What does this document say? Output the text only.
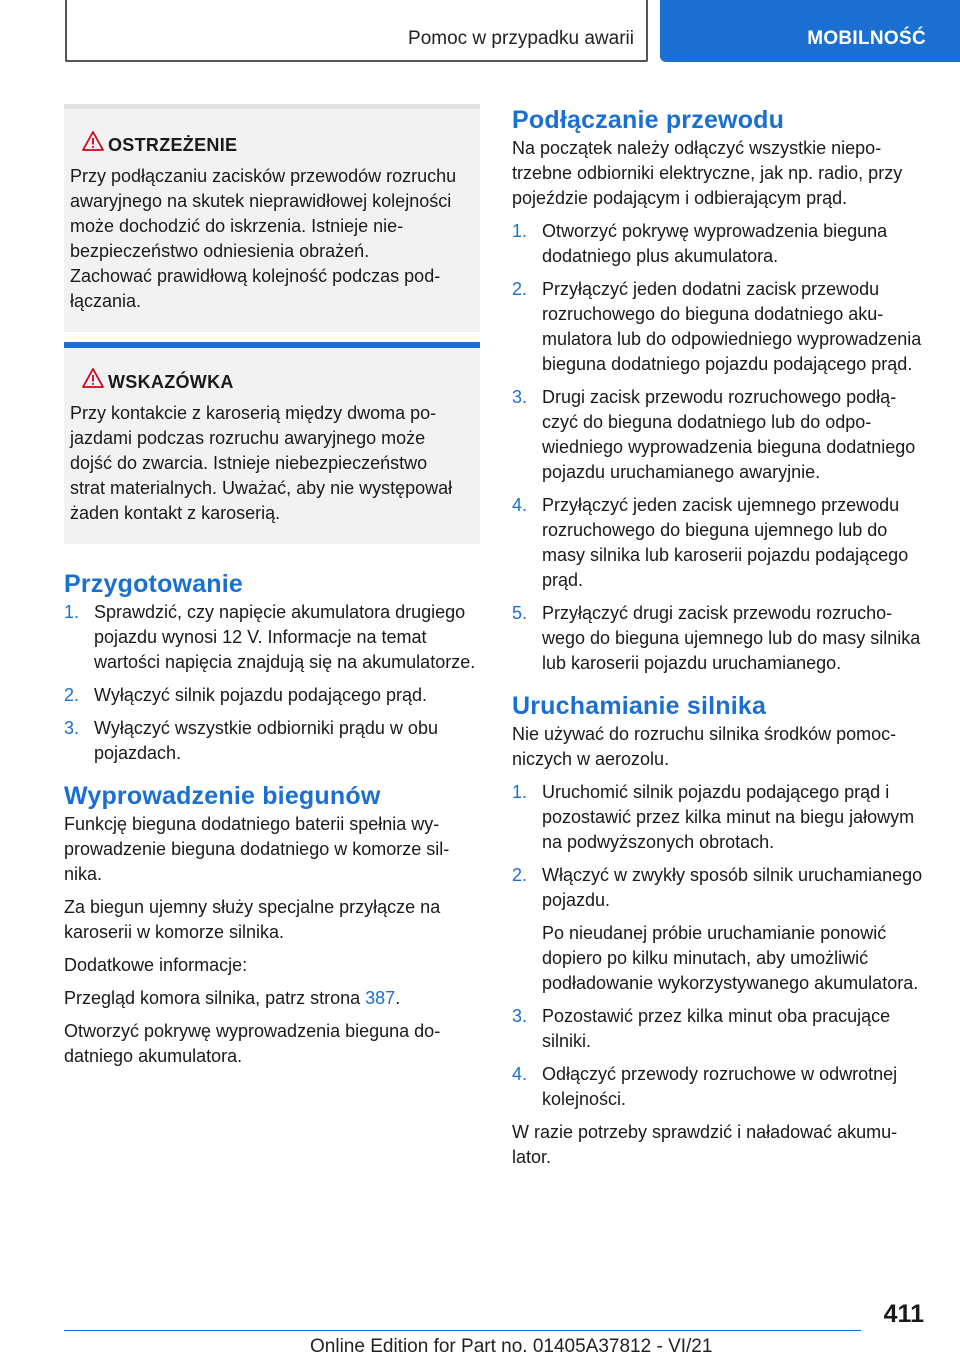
Pomoc w przypadku awarii	MOBILNOŚĆ
OSTRZEŻENIE

Przy podłączaniu zacisków przewodów rozruchu awaryjnego na skutek nieprawidłowej kolejności może dochodzić do iskrzenia. Istnieje niebezpieczeństwo odniesienia obrażeń.

Zachować prawidłową kolejność podczas podłączania.

WSKAZÓWKA

Przy kontakcie z karoserią między dwoma pojazdami podczas rozruchu awaryjnego może dojść do zwarcia. Istnieje niebezpieczeństwo strat materialnych. Uważać, aby nie występował żaden kontakt z karoserią.

Przygotowanie
1. Sprawdzić, czy napięcie akumulatora drugiego pojazdu wynosi 12 V. Informacje na temat wartości napięcia znajdują się na akumulatorze.

2. Wyłączyć silnik pojazdu podającego prąd.

3. Wyłączyć wszystkie odbiorniki prądu w obu pojazdach.

Wyprowadzenie biegunów

Funkcję bieguna dodatniego baterii spełnia wyprowadzenie bieguna dodatniego w komorze silnika.

Za biegun ujemny służy specjalne przyłącze na karoserii w komorze silnika.

Dodatkowe informacje:

Przegląd komora silnika, patrz strona 387.

Otworzyć pokrywę wyprowadzenia bieguna dodatniego akumulatora.

Podłączanie przewodu

Na początek należy odłączyć wszystkie niepotrzebne odbiorniki elektryczne, jak np. radio, przy pojeździe podającym i odbierającym prąd.

1. Otworzyć pokrywę wyprowadzenia bieguna dodatniego plus akumulatora.

2. Przyłączyć jeden dodatni zacisk przewodu rozruchowego do bieguna dodatniego akumulatora lub do odpowiedniego wyprowadzenia bieguna dodatniego pojazdu podającego prąd.

3. Drugi zacisk przewodu rozruchowego podłączyć do bieguna dodatniego lub do odpowiedniego wyprowadzenia bieguna dodatniego pojazdu uruchamianego awaryjnie.

4. Przyłączyć jeden zacisk ujemnego przewodu rozruchowego do bieguna ujemnego lub do masy silnika lub karoserii pojazdu podającego prąd.

5. Przyłączyć drugi zacisk przewodu rozruchowego do bieguna ujemnego lub do masy silnika lub karoserii pojazdu uruchamianego.

Uruchamianie silnika

Nie używać do rozruchu silnika środków pomocniczych w aerozolu.

1. Uruchomić silnik pojazdu podającego prąd i pozostawić przez kilka minut na biegu jałowym na podwyższonych obrotach.

2. Włączyć w zwykły sposób silnik uruchamianego pojazdu.

Po nieudanej próbie uruchamianie ponowić dopiero po kilku minutach, aby umożliwić podładowanie wykorzystywanego akumulatora.

3. Pozostawić przez kilka minut oba pracujące silniki.

4. Odłączyć przewody rozruchowe w odwrotnej kolejności.

W razie potrzeby sprawdzić i naładować akumulator.

411
Online Edition for Part no. 01405A37812 - VI/21
